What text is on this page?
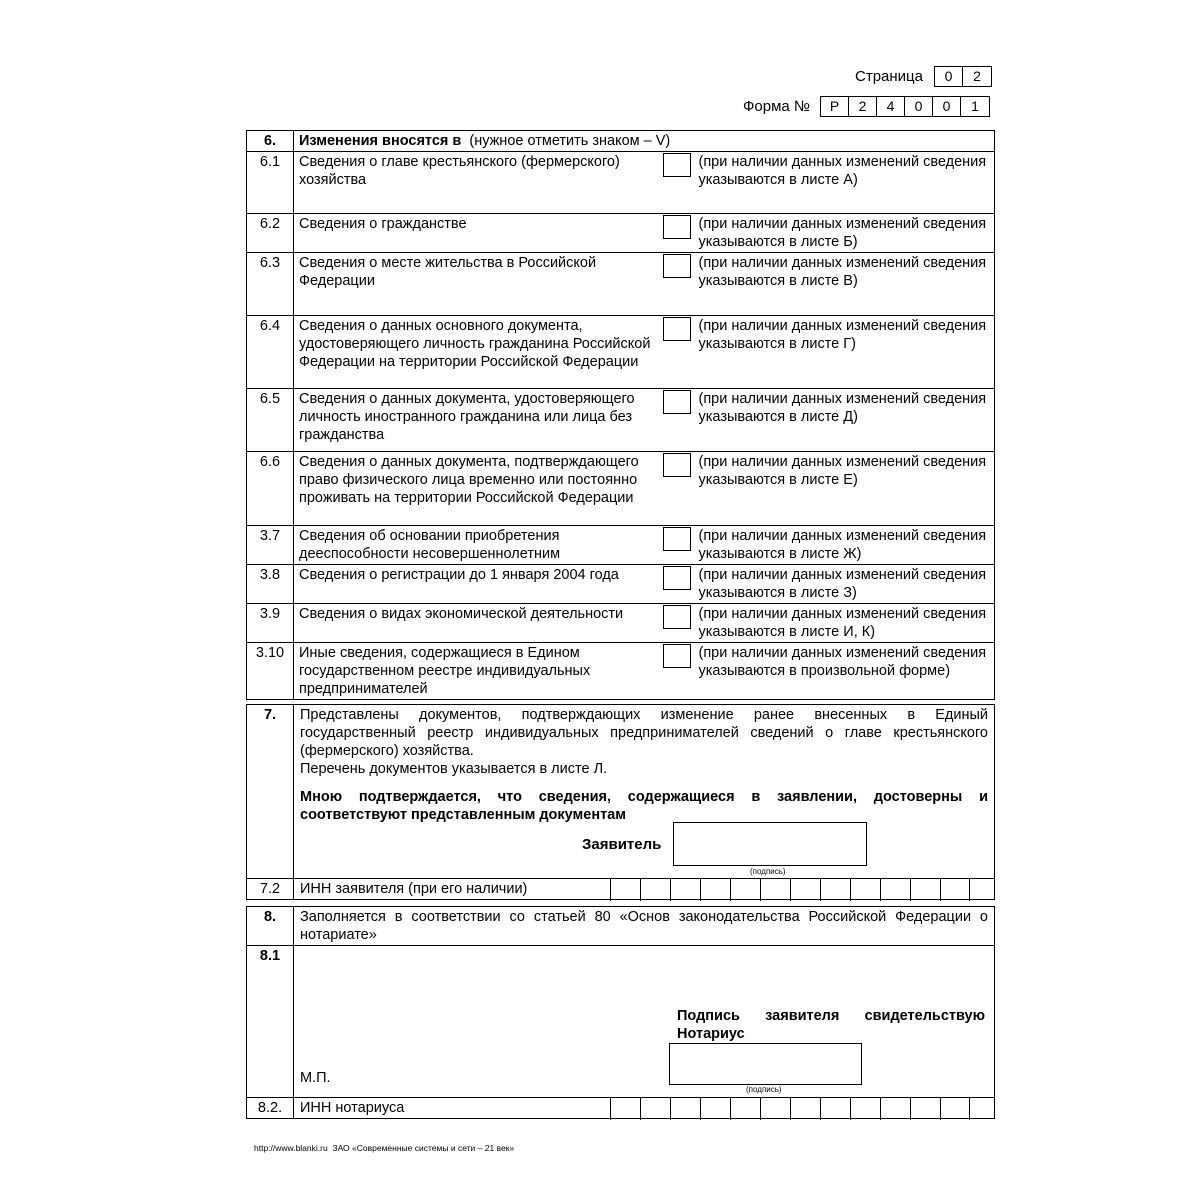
Страница	0	2
Форма №	Р	2	4	0	0	1
6.	Изменения вносятся в (нужное отметить знаком – V)		
6.1	Сведения о главе крестьянского (фермерского) хозяйства		(при наличии данных изменений сведения указываются в листе А)
6.2	Сведения о гражданстве		(при наличии данных изменений сведения указываются в листе Б)
6.3	Сведения о месте жительства в Российской Федерации		(при наличии данных изменений сведения указываются в листе В)
6.4	Сведения о данных основного документа, удостоверяющего личность гражданина Российской Федерации на территории Российской Федерации		(при наличии данных изменений сведения указываются в листе Г)
6.5	Сведения о данных документа, удостоверяющего личность иностранного гражданина или лица без гражданства		(при наличии данных изменений сведения указываются в листе Д)
6.6	Сведения о данных документа, подтверждающего право физического лица временно или постоянно проживать на территории Российской Федерации		(при наличии данных изменений сведения указываются в листе Е)
3.7	Сведения об основании приобретения дееспособности несовершеннолетним		(при наличии данных изменений сведения указываются в листе Ж)
3.8	Сведения о регистрации до 1 января 2004 года		(при наличии данных изменений сведения указываются в листе З)
3.9	Сведения о видах экономической деятельности		(при наличии данных изменений сведения указываются в листе И, К)
3.10	Иные сведения, содержащиеся в Едином государственном реестре индивидуальных предпринимателей		(при наличии данных изменений сведения указываются в произвольной форме)
7.	Представлены документов, подтверждающих изменение ранее внесенных в Единый государственный реестр индивидуальных предпринимателей сведений о главе крестьянского (фермерского) хозяйства.
Перечень документов указывается в листе Л.
Мною подтверждается, что сведения, содержащиеся в заявлении, достоверны и соответствуют представленным документам

7.2	ИНН заявителя (при его наличии)
Заявитель
(подпись)
8.	Заполняется в соответствии со статьей 80 «Основ законодательства Российской Федерации о нотариате»
8.1	М.П.

8.2.	ИНН нотариуса
Подпись заявителя свидетельствую Нотариус
(подпись)
http://www.blanki.ru ЗАО «Современные системы и сети – 21 век»
